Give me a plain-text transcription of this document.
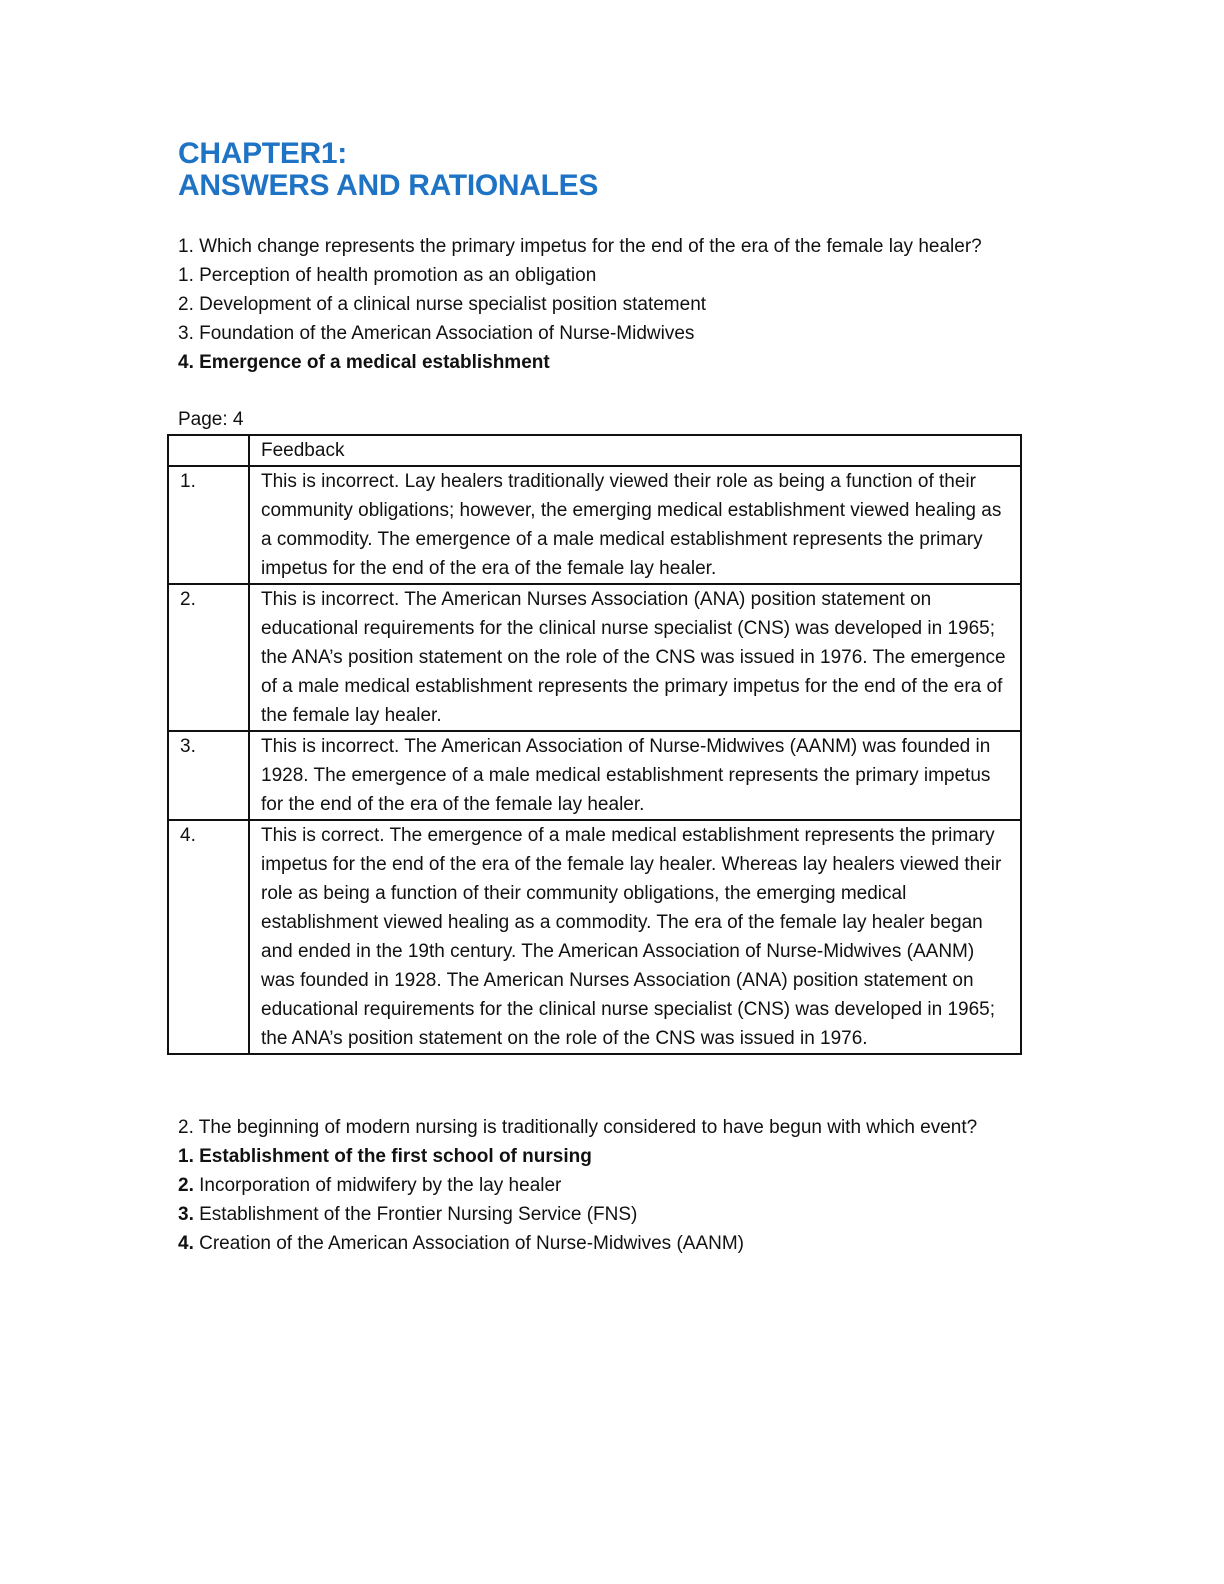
CHAPTER1:
ANSWERS AND RATIONALES
1. Which change represents the primary impetus for the end of the era of the female lay healer?
1. Perception of health promotion as an obligation
2. Development of a clinical nurse specialist position statement
3. Foundation of the American Association of Nurse-Midwives
4. Emergence of a medical establishment
Page: 4
	Feedback
1.	This is incorrect. Lay healers traditionally viewed their role as being a function of their community obligations; however, the emerging medical establishment viewed healing as a commodity. The emergence of a male medical establishment represents the primary impetus for the end of the era of the female lay healer.
2.	This is incorrect. The American Nurses Association (ANA) position statement on educational requirements for the clinical nurse specialist (CNS) was developed in 1965; the ANA’s position statement on the role of the CNS was issued in 1976. The emergence of a male medical establishment represents the primary impetus for the end of the era of the female lay healer.
3.	This is incorrect. The American Association of Nurse-Midwives (AANM) was founded in 1928. The emergence of a male medical establishment represents the primary impetus for the end of the era of the female lay healer.
4.	This is correct. The emergence of a male medical establishment represents the primary impetus for the end of the era of the female lay healer. Whereas lay healers viewed their role as being a function of their community obligations, the emerging medical establishment viewed healing as a commodity. The era of the female lay healer began and ended in the 19th century. The American Association of Nurse-Midwives (AANM) was founded in 1928. The American Nurses Association (ANA) position statement on educational requirements for the clinical nurse specialist (CNS) was developed in 1965; the ANA’s position statement on the role of the CNS was issued in 1976.
2. The beginning of modern nursing is traditionally considered to have begun with which event?
1. Establishment of the first school of nursing
2. Incorporation of midwifery by the lay healer
3. Establishment of the Frontier Nursing Service (FNS)
4. Creation of the American Association of Nurse-Midwives (AANM)
